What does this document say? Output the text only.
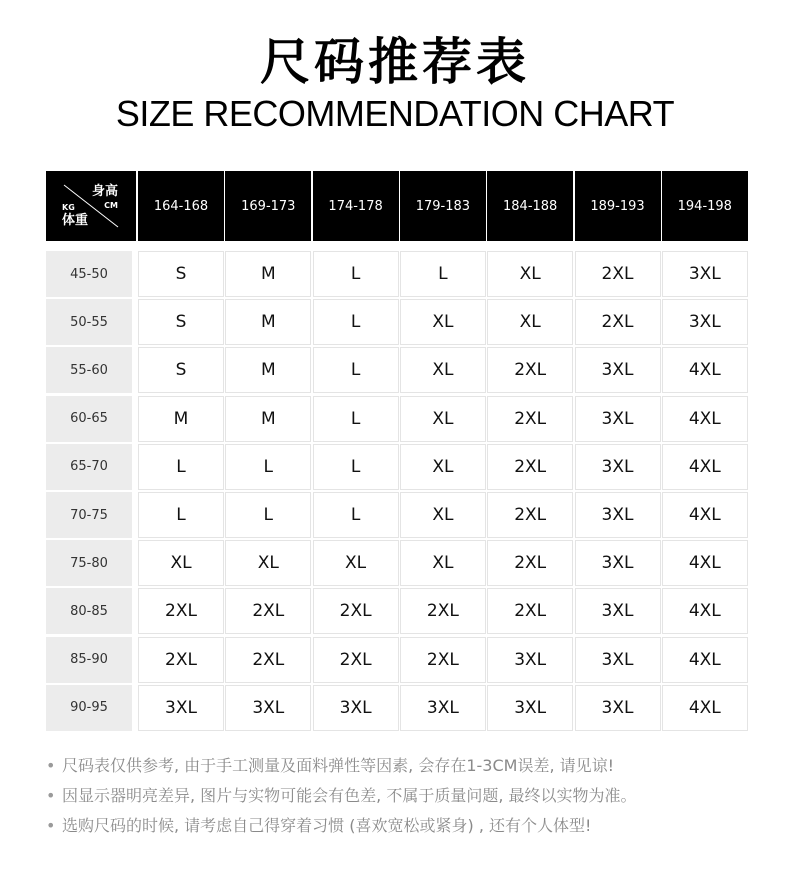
尺码推荐表
SIZE RECOMMENDATION CHART
身高
CM
KG
体重
164-168	169-173	174-178	179-183	184-188	189-193	194-198
45-50	S	M	L	L	XL	2XL	3XL
50-55	S	M	L	XL	XL	2XL	3XL
55-60	S	M	L	XL	2XL	3XL	4XL
60-65	M	M	L	XL	2XL	3XL	4XL
65-70	L	L	L	XL	2XL	3XL	4XL
70-75	L	L	L	XL	2XL	3XL	4XL
75-80	XL	XL	XL	XL	2XL	3XL	4XL
80-85	2XL	2XL	2XL	2XL	2XL	3XL	4XL
85-90	2XL	2XL	2XL	2XL	3XL	3XL	4XL
90-95	3XL	3XL	3XL	3XL	3XL	3XL	4XL
• 尺码表仅供参考, 由于手工测量及面料弹性等因素, 会存在1-3CM误差, 请见谅!
• 因显示器明亮差异, 图片与实物可能会有色差, 不属于质量问题, 最终以实物为准。
• 选购尺码的时候, 请考虑自己得穿着习惯 (喜欢宽松或紧身) , 还有个人体型!
